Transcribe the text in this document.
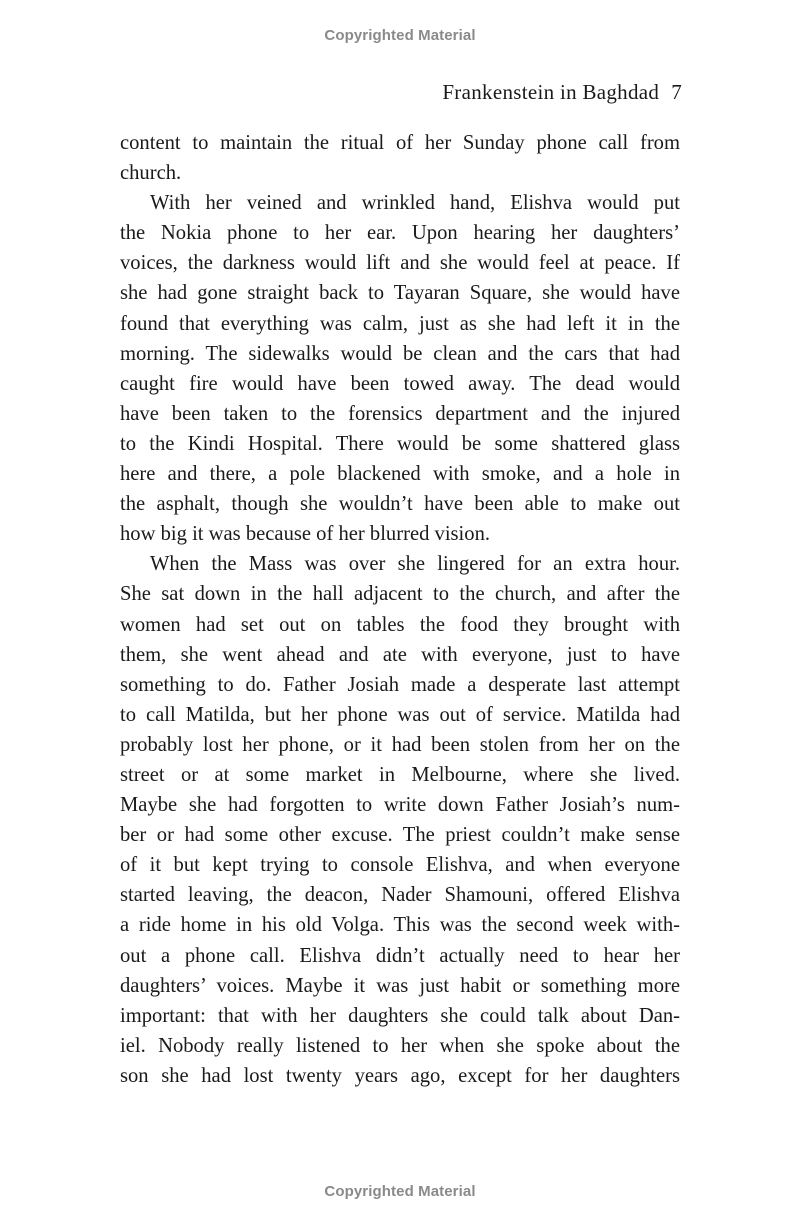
Copyrighted Material
Frankenstein in Baghdad 7

content to maintain the ritual of her Sunday phone call from
church.

With her veined and wrinkled hand, Elishva would put
the Nokia phone to her ear. Upon hearing her daughters’
voices, the darkness would lift and she would feel at peace. If
she had gone straight back to Tayaran Square, she would have
found that everything was calm, just as she had left it in the
morning. The sidewalks would be clean and the cars that had
caught fire would have been towed away. The dead would
have been taken to the forensics department and the injured
to the Kindi Hospital. There would be some shattered glass
here and there, a pole blackened with smoke, and a hole in
the asphalt, though she wouldn’t have been able to make out
how big it was because of her blurred vision.

When the Mass was over she lingered for an extra hour.
She sat down in the hall adjacent to the church, and after the
women had set out on tables the food they brought with
them, she went ahead and ate with everyone, just to have
something to do. Father Josiah made a desperate last attempt
to call Matilda, but her phone was out of service. Matilda had
probably lost her phone, or it had been stolen from her on the
street or at some market in Melbourne, where she lived.
Maybe she had forgotten to write down Father Josiah’s num-
ber or had some other excuse. The priest couldn’t make sense
of it but kept trying to console Elishva, and when everyone
started leaving, the deacon, Nader Shamouni, offered Elishva
a ride home in his old Volga. This was the second week with-
out a phone call. Elishva didn’t actually need to hear her
daughters’ voices. Maybe it was just habit or something more
important: that with her daughters she could talk about Dan-
iel. Nobody really listened to her when she spoke about the
son she had lost twenty years ago, except for her daughters

Copyrighted Material
